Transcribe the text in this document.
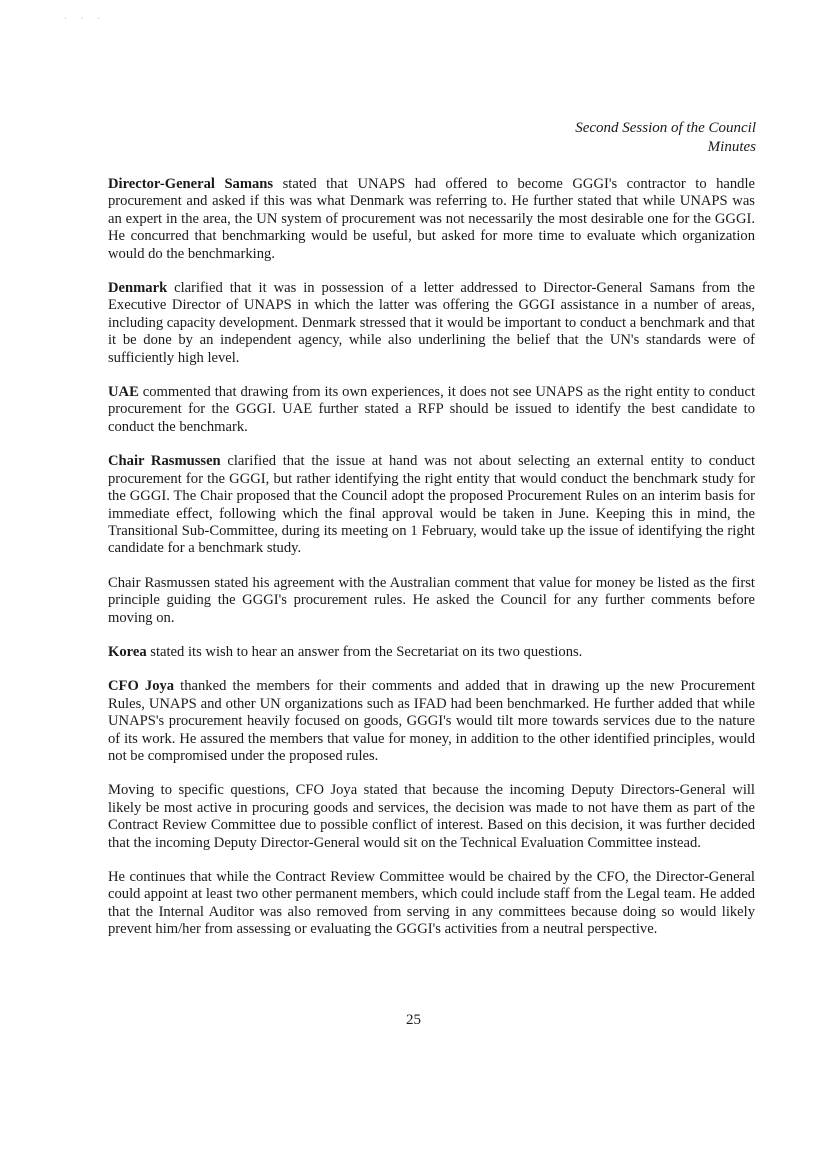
· · ·
Second Session of the Council
Minutes

Director-General Samans stated that UNAPS had offered to become GGGI's contractor to handle procurement and asked if this was what Denmark was referring to. He further stated that while UNAPS was an expert in the area, the UN system of procurement was not necessarily the most desirable one for the GGGI. He concurred that benchmarking would be useful, but asked for more time to evaluate which organization would do the benchmarking.

Denmark clarified that it was in possession of a letter addressed to Director-General Samans from the Executive Director of UNAPS in which the latter was offering the GGGI assistance in a number of areas, including capacity development. Denmark stressed that it would be important to conduct a benchmark and that it be done by an independent agency, while also underlining the belief that the UN's standards were of sufficiently high level.

UAE commented that drawing from its own experiences, it does not see UNAPS as the right entity to conduct procurement for the GGGI. UAE further stated a RFP should be issued to identify the best candidate to conduct the benchmark.

Chair Rasmussen clarified that the issue at hand was not about selecting an external entity to conduct procurement for the GGGI, but rather identifying the right entity that would conduct the benchmark study for the GGGI. The Chair proposed that the Council adopt the proposed Procurement Rules on an interim basis for immediate effect, following which the final approval would be taken in June. Keeping this in mind, the Transitional Sub-Committee, during its meeting on 1 February, would take up the issue of identifying the right candidate for a benchmark study.

Chair Rasmussen stated his agreement with the Australian comment that value for money be listed as the first principle guiding the GGGI's procurement rules. He asked the Council for any further comments before moving on.

Korea stated its wish to hear an answer from the Secretariat on its two questions.

CFO Joya thanked the members for their comments and added that in drawing up the new Procurement Rules, UNAPS and other UN organizations such as IFAD had been benchmarked. He further added that while UNAPS's procurement heavily focused on goods, GGGI's would tilt more towards services due to the nature of its work. He assured the members that value for money, in addition to the other identified principles, would not be compromised under the proposed rules.

Moving to specific questions, CFO Joya stated that because the incoming Deputy Directors-General will likely be most active in procuring goods and services, the decision was made to not have them as part of the Contract Review Committee due to possible conflict of interest. Based on this decision, it was further decided that the incoming Deputy Director-General would sit on the Technical Evaluation Committee instead.

He continues that while the Contract Review Committee would be chaired by the CFO, the Director-General could appoint at least two other permanent members, which could include staff from the Legal team. He added that the Internal Auditor was also removed from serving in any committees because doing so would likely prevent him/her from assessing or evaluating the GGGI's activities from a neutral perspective.

25
